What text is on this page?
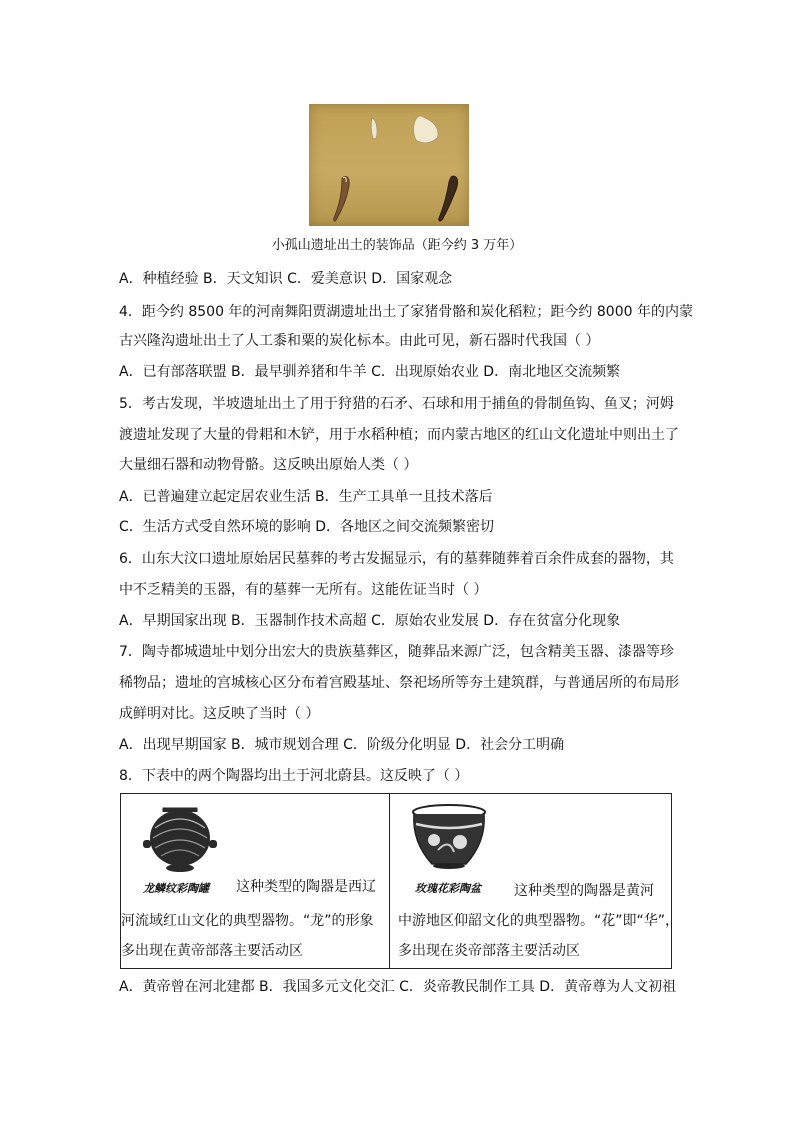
小孤山遗址出土的装饰品（距今约 3 万年）
A．种植经验 B．天文知识 C．爱美意识 D．国家观念
4．距今约 8500 年的河南舞阳贾湖遗址出土了家猪骨骼和炭化稻粒；距今约 8000 年的内蒙
古兴隆沟遗址出土了人工黍和粟的炭化标本。由此可见，新石器时代我国（ ）
A．已有部落联盟 B．最早驯养猪和牛羊 C．出现原始农业 D．南北地区交流频繁
5．考古发现，半坡遗址出土了用于狩猎的石矛、石球和用于捕鱼的骨制鱼钩、鱼叉；河姆
渡遗址发现了大量的骨耜和木铲，用于水稻种植；而内蒙古地区的红山文化遗址中则出土了
大量细石器和动物骨骼。这反映出原始人类（ ）
A．已普遍建立起定居农业生活 B．生产工具单一且技术落后
C．生活方式受自然环境的影响 D．各地区之间交流频繁密切
6．山东大汶口遗址原始居民墓葬的考古发掘显示，有的墓葬随葬着百余件成套的器物，其
中不乏精美的玉器，有的墓葬一无所有。这能佐证当时（ ）
A．早期国家出现 B．玉器制作技术高超 C．原始农业发展 D．存在贫富分化现象
7．陶寺都城遗址中划分出宏大的贵族墓葬区，随葬品来源广泛，包含精美玉器、漆器等珍
稀物品；遗址的宫城核心区分布着宫殿基址、祭祀场所等夯土建筑群，与普通居所的布局形
成鲜明对比。这反映了当时（ ）
A．出现早期国家 B．城市规划合理 C．阶级分化明显 D．社会分工明确
8．下表中的两个陶器均出土于河北蔚县。这反映了（ ）
龙鳞纹彩陶罐 这种类型的陶器是西辽
河流域红山文化的典型器物。“龙”的形象
多出现在黄帝部落主要活动区
玫瑰花彩陶盆 这种类型的陶器是黄河
中游地区仰韶文化的典型器物。“花”即“华”，
多出现在炎帝部落主要活动区
A．黄帝曾在河北建都 B．我国多元文化交汇 C．炎帝教民制作工具 D．黄帝尊为人文初祖
